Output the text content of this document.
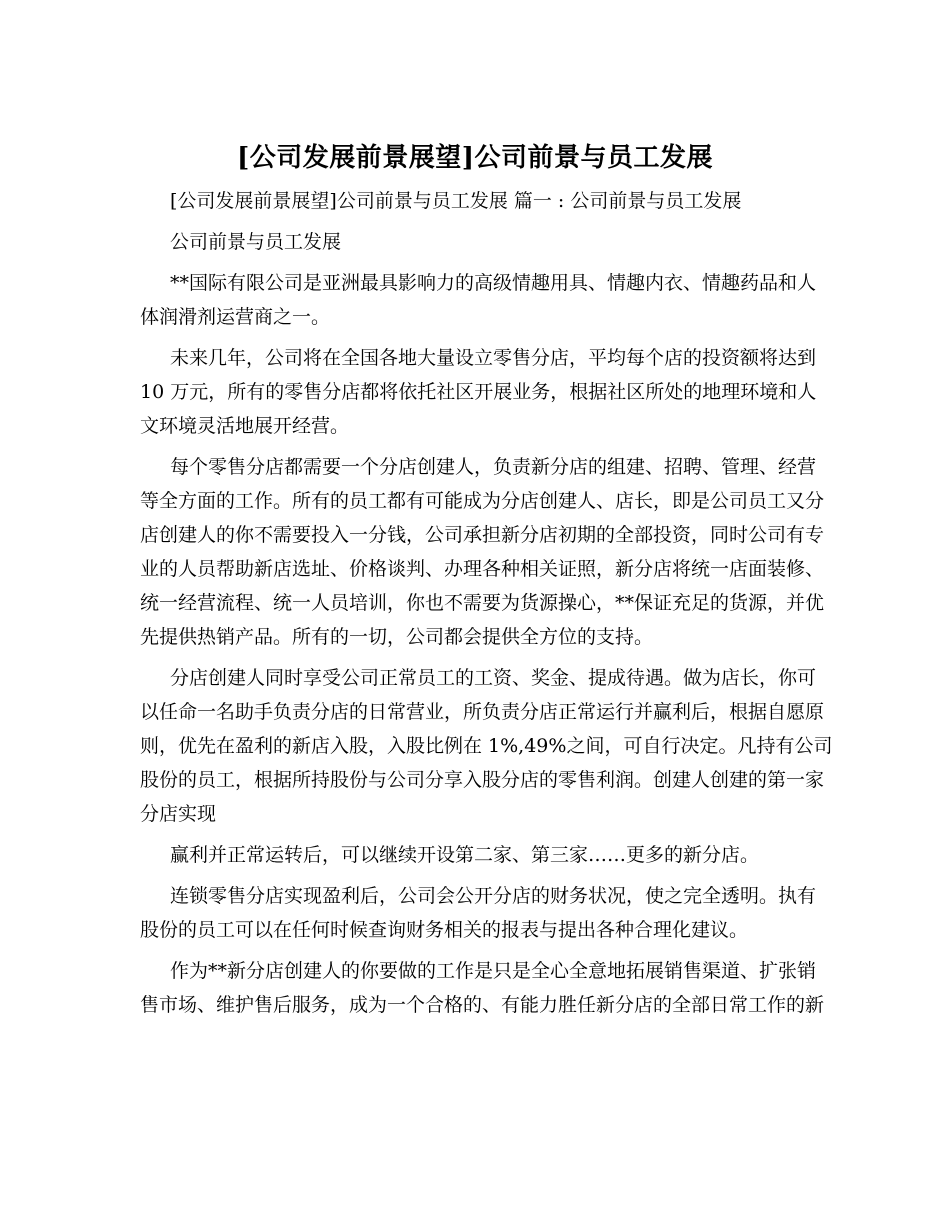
[公司发展前景展望]公司前景与员工发展
[公司发展前景展望]公司前景与员工发展 篇一 : 公司前景与员工发展
公司前景与员工发展
**国际有限公司是亚洲最具影响力的高级情趣用具、情趣内衣、情趣药品和人
体润滑剂运营商之一。
未来几年，公司将在全国各地大量设立零售分店，平均每个店的投资额将达到
10 万元，所有的零售分店都将依托社区开展业务，根据社区所处的地理环境和人
文环境灵活地展开经营。
每个零售分店都需要一个分店创建人，负责新分店的组建、招聘、管理、经营
等全方面的工作。所有的员工都有可能成为分店创建人、店长，即是公司员工又分
店创建人的你不需要投入一分钱，公司承担新分店初期的全部投资，同时公司有专
业的人员帮助新店选址、价格谈判、办理各种相关证照，新分店将统一店面装修、
统一经营流程、统一人员培训，你也不需要为货源操心，**保证充足的货源，并优
先提供热销产品。所有的一切，公司都会提供全方位的支持。
分店创建人同时享受公司正常员工的工资、奖金、提成待遇。做为店长，你可
以任命一名助手负责分店的日常营业，所负责分店正常运行并赢利后，根据自愿原
则，优先在盈利的新店入股，入股比例在 1%,49%之间，可自行决定。凡持有公司
股份的员工，根据所持股份与公司分享入股分店的零售利润。创建人创建的第一家
分店实现
赢利并正常运转后，可以继续开设第二家、第三家……更多的新分店。
连锁零售分店实现盈利后，公司会公开分店的财务状况，使之完全透明。执有
股份的员工可以在任何时候查询财务相关的报表与提出各种合理化建议。
作为**新分店创建人的你要做的工作是只是全心全意地拓展销售渠道、扩张销
售市场、维护售后服务，成为一个合格的、有能力胜任新分店的全部日常工作的新
